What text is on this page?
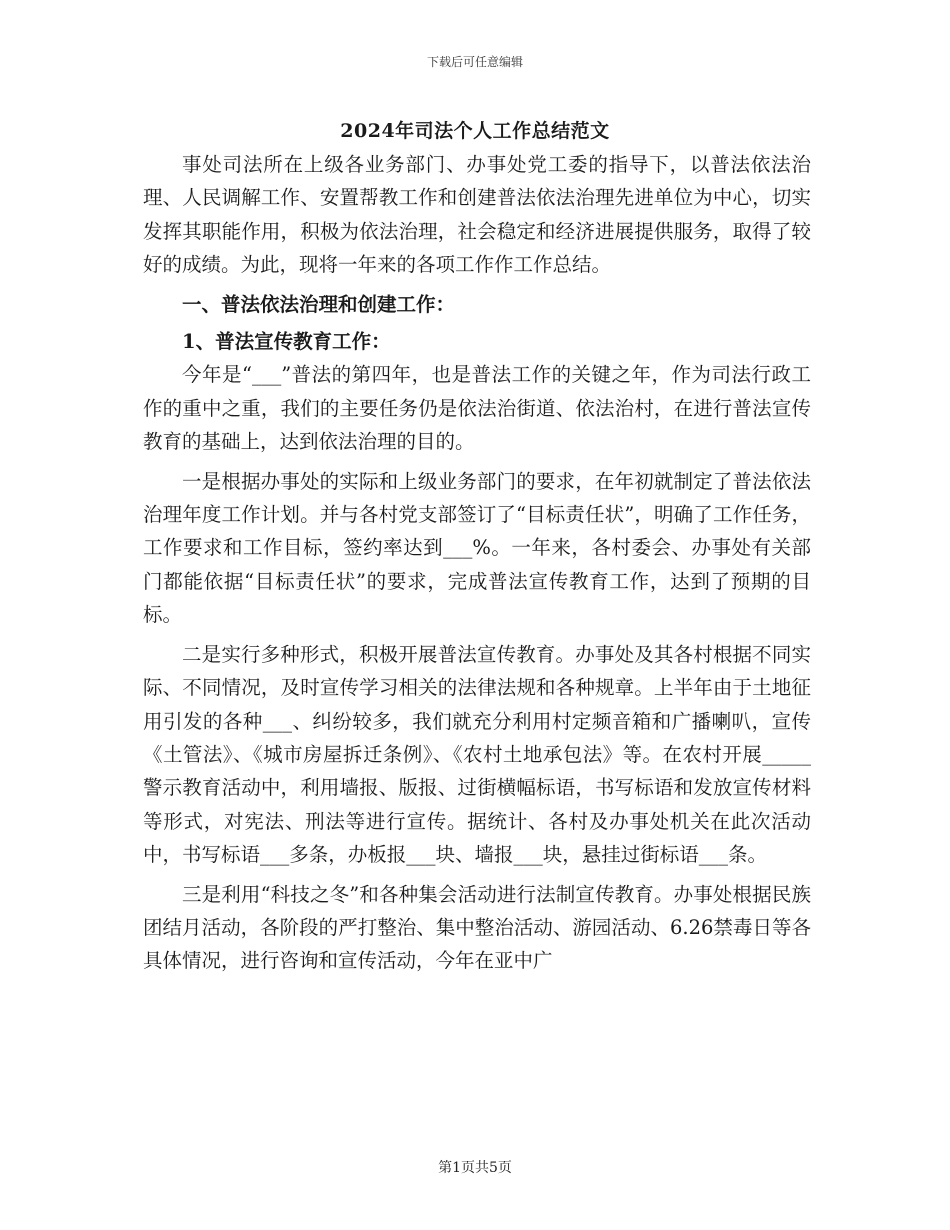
下载后可任意编辑
2024年司法个人工作总结范文

事处司法所在上级各业务部门、办事处党工委的指导下，以普法依法治理、人民调解工作、安置帮教工作和创建普法依法治理先进单位为中心，切实发挥其职能作用，积极为依法治理，社会稳定和经济进展提供服务，取得了较好的成绩。为此，现将一年来的各项工作作工作总结。

一、普法依法治理和创建工作：

1、普法宣传教育工作：

今年是“___”普法的第四年，也是普法工作的关键之年，作为司法行政工作的重中之重，我们的主要任务仍是依法治街道、依法治村，在进行普法宣传教育的基础上，达到依法治理的目的。

一是根据办事处的实际和上级业务部门的要求，在年初就制定了普法依法治理年度工作计划。并与各村党支部签订了“目标责任状”，明确了工作任务，工作要求和工作目标，签约率达到___%。一年来，各村委会、办事处有关部门都能依据“目标责任状”的要求，完成普法宣传教育工作，达到了预期的目标。

二是实行多种形式，积极开展普法宣传教育。办事处及其各村根据不同实际、不同情况，及时宣传学习相关的法律法规和各种规章。上半年由于土地征用引发的各种___、纠纷较多，我们就充分利用村定频音箱和广播喇叭，宣传《土管法》、《城市房屋拆迁条例》、《农村土地承包法》等。在农村开展_____警示教育活动中，利用墙报、版报、过街横幅标语，书写标语和发放宣传材料等形式，对宪法、刑法等进行宣传。据统计、各村及办事处机关在此次活动中，书写标语___多条，办板报___块、墙报___块，悬挂过街标语___条。

三是利用“科技之冬”和各种集会活动进行法制宣传教育。办事处根据民族团结月活动，各阶段的严打整治、集中整治活动、游园活动、6.26禁毒日等各具体情况，进行咨询和宣传活动，今年在亚中广

第1页共5页
